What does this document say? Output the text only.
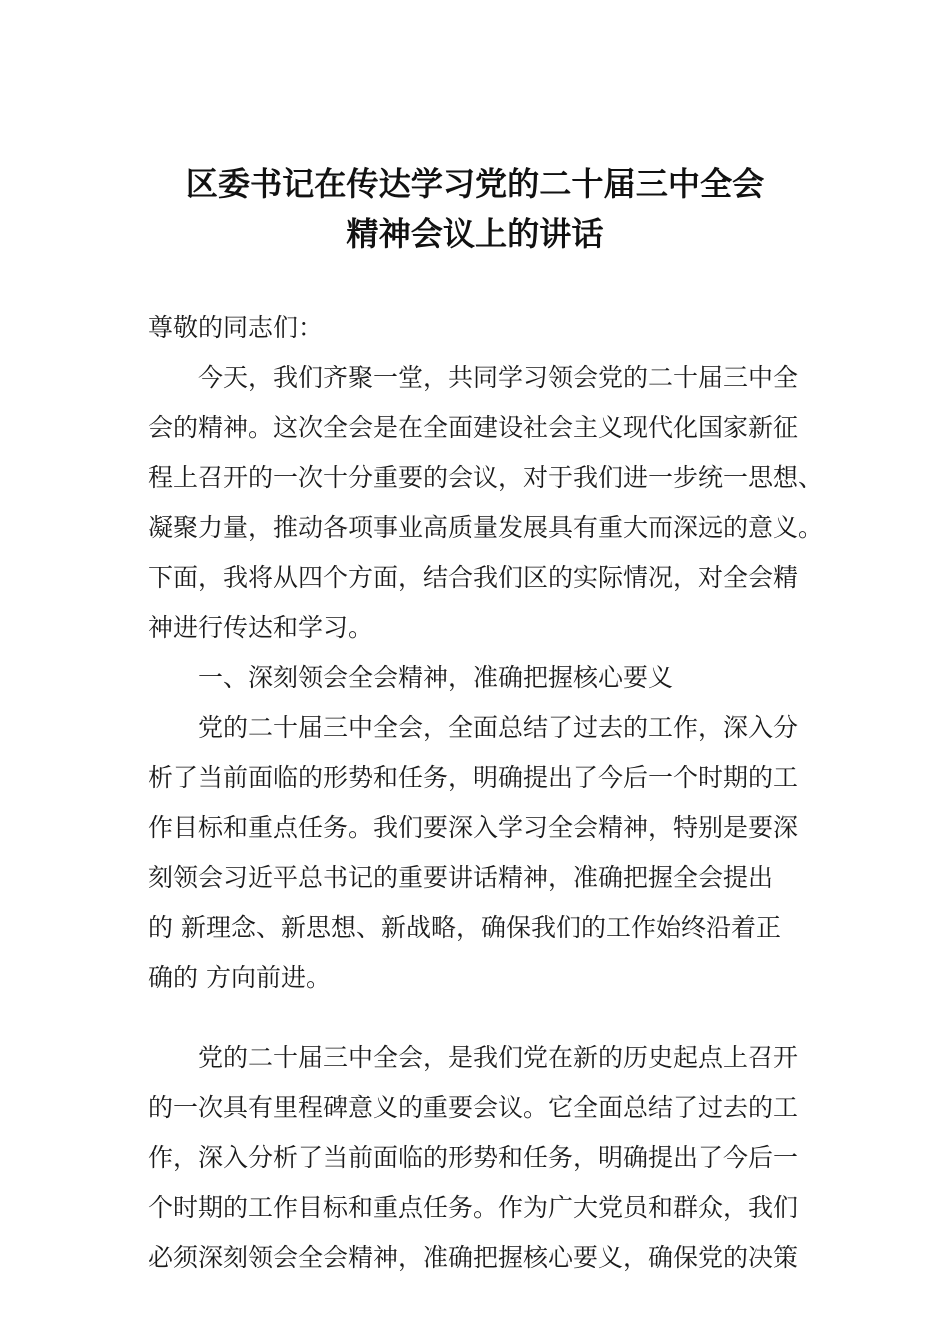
区委书记在传达学习党的二十届三中全会
精神会议上的讲话
尊敬的同志们：
今天，我们齐聚一堂，共同学习领会党的二十届三中全
会的精神。这次全会是在全面建设社会主义现代化国家新征
程上召开的一次十分重要的会议，对于我们进一步统一思想、
凝聚力量，推动各项事业高质量发展具有重大而深远的意义。
下面，我将从四个方面，结合我们区的实际情况，对全会精
神进行传达和学习。
一、深刻领会全会精神，准确把握核心要义
党的二十届三中全会，全面总结了过去的工作，深入分
析了当前面临的形势和任务，明确提出了今后一个时期的工
作目标和重点任务。我们要深入学习全会精神，特别是要深
刻领会习近平总书记的重要讲话精神，准确把握全会提出
的 新理念、新思想、新战略，确保我们的工作始终沿着正
确的 方向前进。
党的二十届三中全会，是我们党在新的历史起点上召开
的一次具有里程碑意义的重要会议。它全面总结了过去的工
作，深入分析了当前面临的形势和任务，明确提出了今后一
个时期的工作目标和重点任务。作为广大党员和群众，我们
必须深刻领会全会精神，准确把握核心要义，确保党的决策
